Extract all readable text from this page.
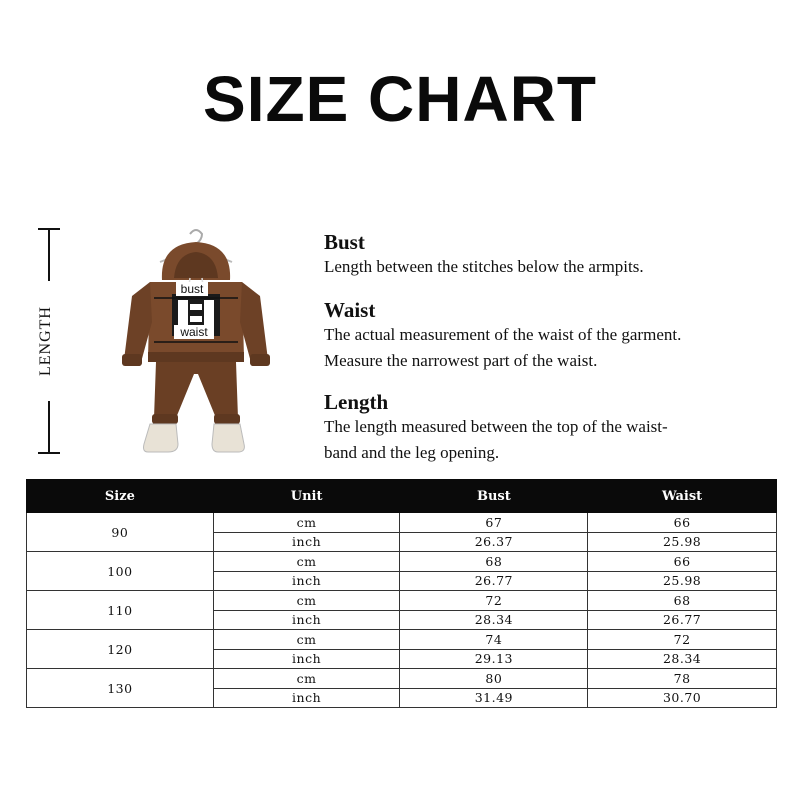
SIZE CHART
LENGTH
bust
waist
Bust

Length between the stitches below the armpits.

Waist

The actual measurement of the waist of the garment.

Measure the narrowest part of the waist.

Length

The length measured between the top of the waist-

band and the leg opening.

Size	Unit	Bust	Waist
90	cm	67	66
	inch	26.37	25.98
100	cm	68	66
	inch	26.77	25.98
110	cm	72	68
	inch	28.34	26.77
120	cm	74	72
	inch	29.13	28.34
130	cm	80	78
	inch	31.49	30.70
